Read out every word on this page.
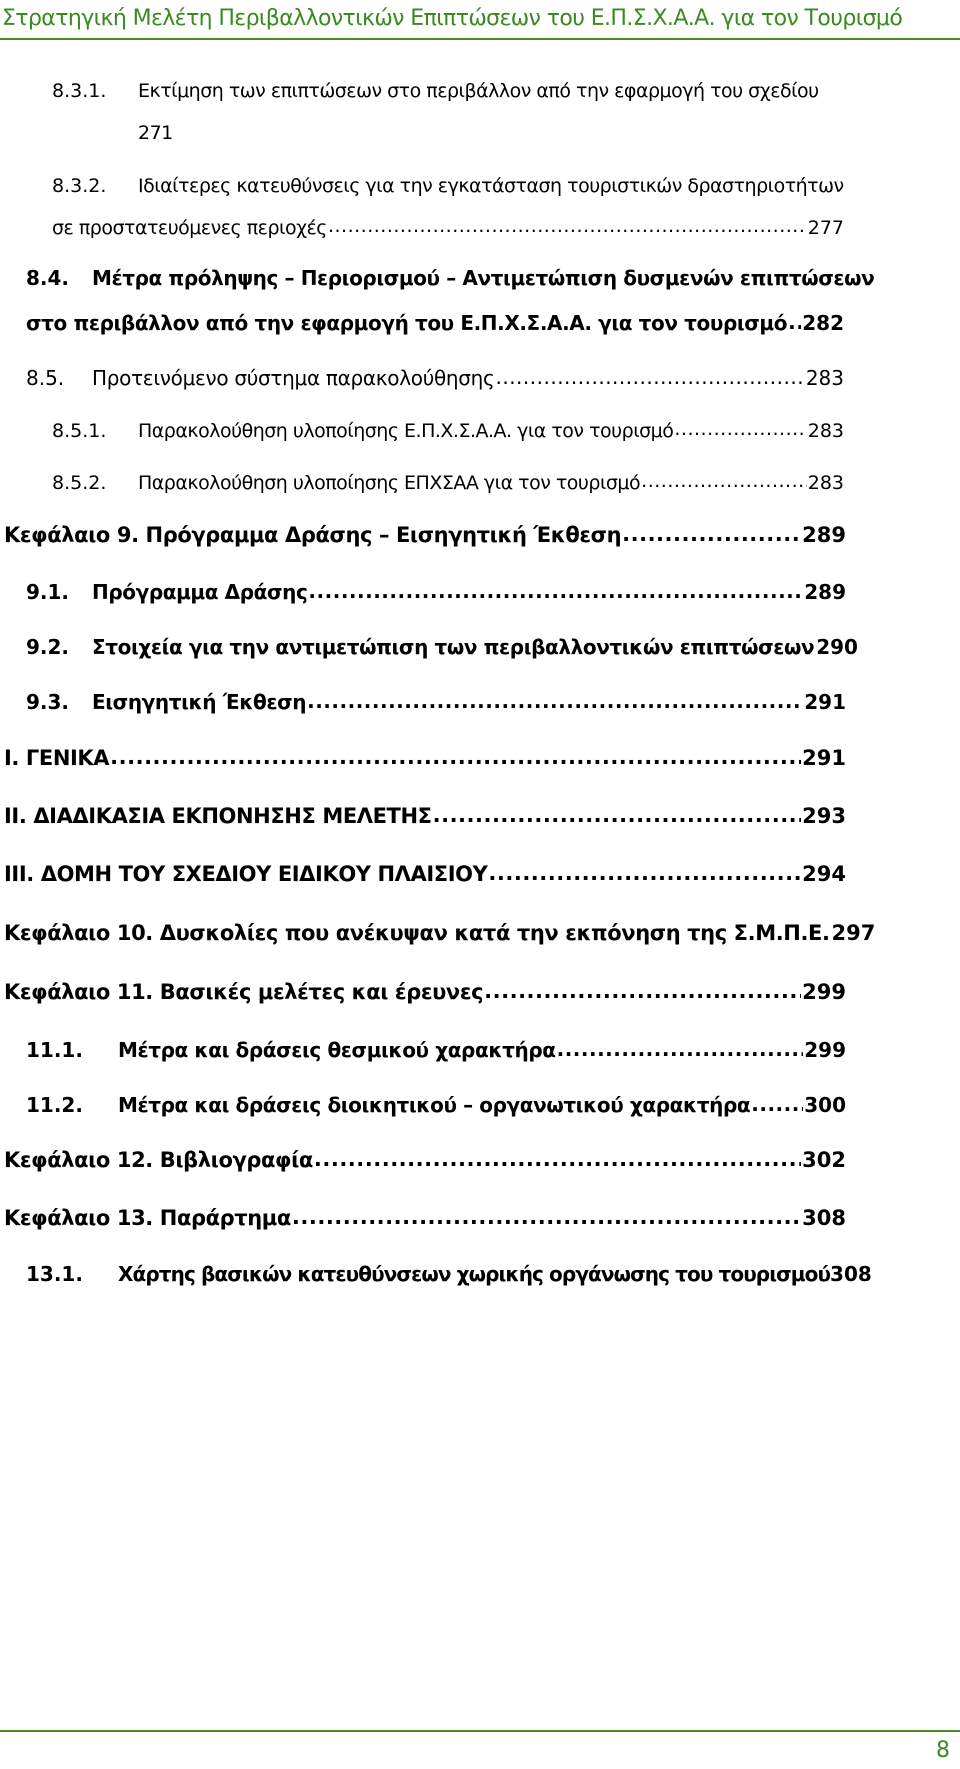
Στρατηγική Μελέτη Περιβαλλοντικών Επιπτώσεων του Ε.Π.Σ.Χ.Α.Α. για τον Τουρισμό
8.3.1.	Εκτίμηση των επιπτώσεων στο περιβάλλον από την εφαρμογή του σχεδίου
271
8.3.2.	Ιδιαίτερες κατευθύνσεις για την εγκατάσταση τουριστικών δραστηριοτήτων
σε προστατευόμενες περιοχές .....	277
8.4.	Μέτρα πρόληψης – Περιορισμού – Αντιμετώπιση δυσμενών επιπτώσεων
στο περιβάλλον από την εφαρμογή του Ε.Π.Χ.Σ.Α.Α. για τον τουρισμό ..... 282
8.5.	Προτεινόμενο σύστημα παρακολούθησης .....	283
8.5.1.	Παρακολούθηση υλοποίησης Ε.Π.Χ.Σ.Α.Α. για τον τουρισμό .....	283
8.5.2.	Παρακολούθηση υλοποίησης ΕΠΧΣΑΑ για τον τουρισμό .....	283
Κεφάλαιο 9. Πρόγραμμα Δράσης – Εισηγητική Έκθεση .....	289
9.1.	Πρόγραμμα Δράσης .....	289
9.2.	Στοιχεία για την αντιμετώπιση των περιβαλλοντικών επιπτώσεων 290
9.3.	Εισηγητική Έκθεση .....	291
Ι. ΓΕΝΙΚΑ .....	291
ΙΙ. ΔΙΑΔΙΚΑΣΙΑ ΕΚΠΟΝΗΣΗΣ ΜΕΛΕΤΗΣ .....	293
ΙΙΙ. ΔΟΜΗ ΤΟΥ ΣΧΕΔΙΟΥ ΕΙΔΙΚΟΥ ΠΛΑΙΣΙΟΥ .....	294
Κεφάλαιο 10. Δυσκολίες που ανέκυψαν κατά την εκπόνηση της Σ.Μ.Π.Ε. 297
Κεφάλαιο 11. Βασικές μελέτες και έρευνες .....	299
11.1.	Μέτρα και δράσεις θεσμικού χαρακτήρα .....	299
11.2.	Μέτρα και δράσεις διοικητικού – οργανωτικού χαρακτήρα .....	300
Κεφάλαιο 12. Βιβλιογραφία .....	302
Κεφάλαιο 13. Παράρτημα .....	308
13.1.	Χάρτης βασικών κατευθύνσεων χωρικής οργάνωσης του τουρισμού 308
8
